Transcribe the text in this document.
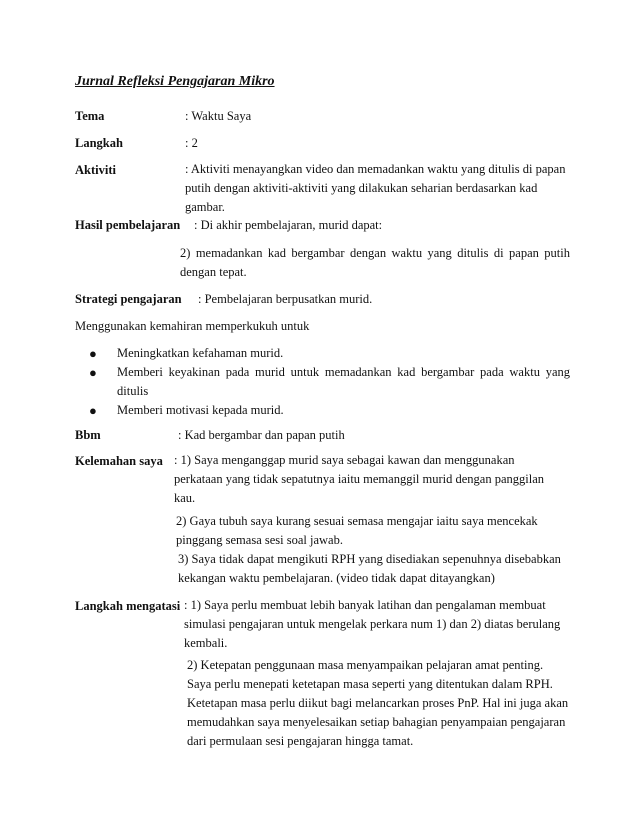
Jurnal Refleksi Pengajaran Mikro
Tema	: Waktu Saya
Langkah	: 2
Aktiviti	: Aktiviti menayangkan video dan memadankan waktu yang ditulis di papan putih dengan aktiviti-aktiviti yang dilakukan seharian berdasarkan kad gambar.
Hasil pembelajaran : Di akhir pembelajaran, murid dapat:
2) memadankan kad bergambar dengan waktu yang ditulis di papan putih dengan tepat.
Strategi pengajaran : Pembelajaran berpusatkan murid.
Menggunakan kemahiran memperkukuh untuk
● Meningkatkan kefahaman murid.
● Memberi keyakinan pada murid untuk memadankan kad bergambar pada waktu yang ditulis
● Memberi motivasi kepada murid.
Bbm	: Kad bergambar dan papan putih
Kelemahan saya : 1) Saya menganggap murid saya sebagai kawan dan menggunakan perkataan yang tidak sepatutnya iaitu memanggil murid dengan panggilan kau.
2) Gaya tubuh saya kurang sesuai semasa mengajar iaitu saya mencekak pinggang semasa sesi soal jawab.
3) Saya tidak dapat mengikuti RPH yang disediakan sepenuhnya disebabkan kekangan waktu pembelajaran. (video tidak dapat ditayangkan)
Langkah mengatasi : 1) Saya perlu membuat lebih banyak latihan dan pengalaman membuat simulasi pengajaran untuk mengelak perkara num 1) dan 2) diatas berulang kembali.
2) Ketepatan penggunaan masa menyampaikan pelajaran amat penting. Saya perlu menepati ketetapan masa seperti yang ditentukan dalam RPH. Ketetapan masa perlu diikut bagi melancarkan proses PnP. Hal ini juga akan memudahkan saya menyelesaikan setiap bahagian penyampaian pengajaran dari permulaan sesi pengajaran hingga tamat.
